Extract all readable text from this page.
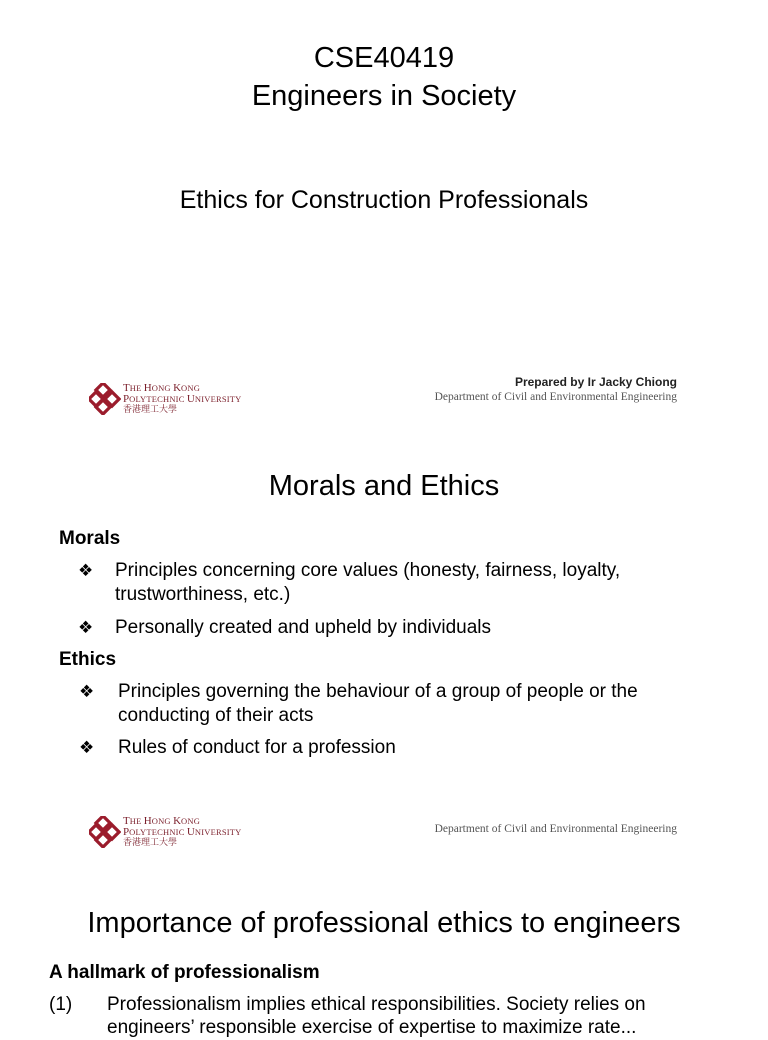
CSE40419
Engineers in Society
Ethics for Construction Professionals
THE HONG KONG
POLYTECHNIC UNIVERSITY
香港理工大學
Prepared by Ir Jacky Chiong
Department of Civil and Environmental Engineering
Morals and Ethics
Morals
❖ Principles concerning core values (honesty, fairness, loyalty,
trustworthiness, etc.)
❖ Personally created and upheld by individuals
Ethics
❖ Principles governing the behaviour of a group of people or the
conducting of their acts
❖ Rules of conduct for a profession
THE HONG KONG
POLYTECHNIC UNIVERSITY
香港理工大學
Department of Civil and Environmental Engineering
Importance of professional ethics to engineers
A hallmark of professionalism
(1) Professionalism implies ethical responsibilities. Society relies on
engineers’ responsible exercise of expertise to maximize rate...
